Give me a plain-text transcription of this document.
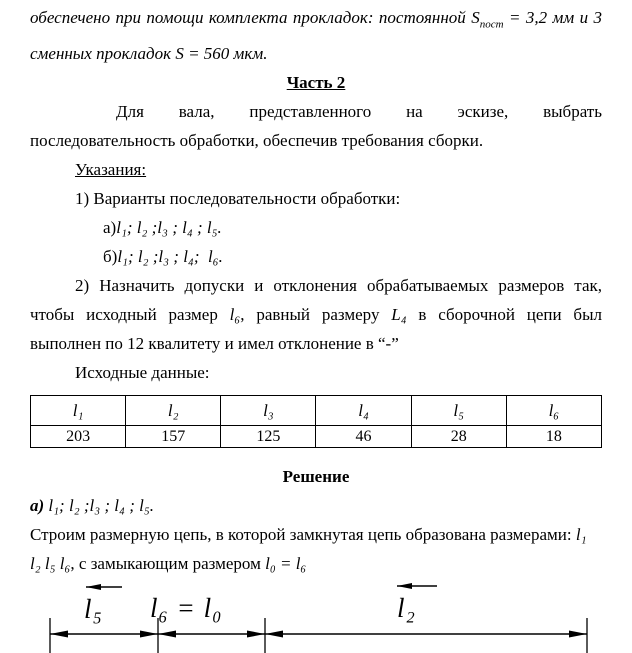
обеспечено при помощи комплекта прокладок: постоянной $S_{пост} = 3,2$ мм и 3
сменных прокладок S = 560 мкм.
Часть 2
Для вала, представленного на эскизе, выбрать
последовательность обработки, обеспечив требования сборки.
Указания:
1) Варианты последовательности обработки:
а)l₁; l₂ ;l₃ ; l₄ ; l₅.
б)l₁; l₂ ;l₃ ; l₄;  l₆.
2) Назначить допуски и отклонения обрабатываемых размеров так,
чтобы исходный размер l₆, равный размеру L₄ в сборочной цепи был
выполнен по 12 квалитету и имел отклонение в “-”
Исходные данные:
l₁	l₂	l₃	l₄	l₅	l₆
203	157	125	46	28	18
Решение
а) l₁; l₂ ;l₃ ; l₄ ; l₅.
Строим размерную цепь, в которой замкнутая цепь образована размерами: l₁
l₂ l₅ l₆, с замыкающим размером l₀ = l₆
l₅ l₆ = l₀	l₂
